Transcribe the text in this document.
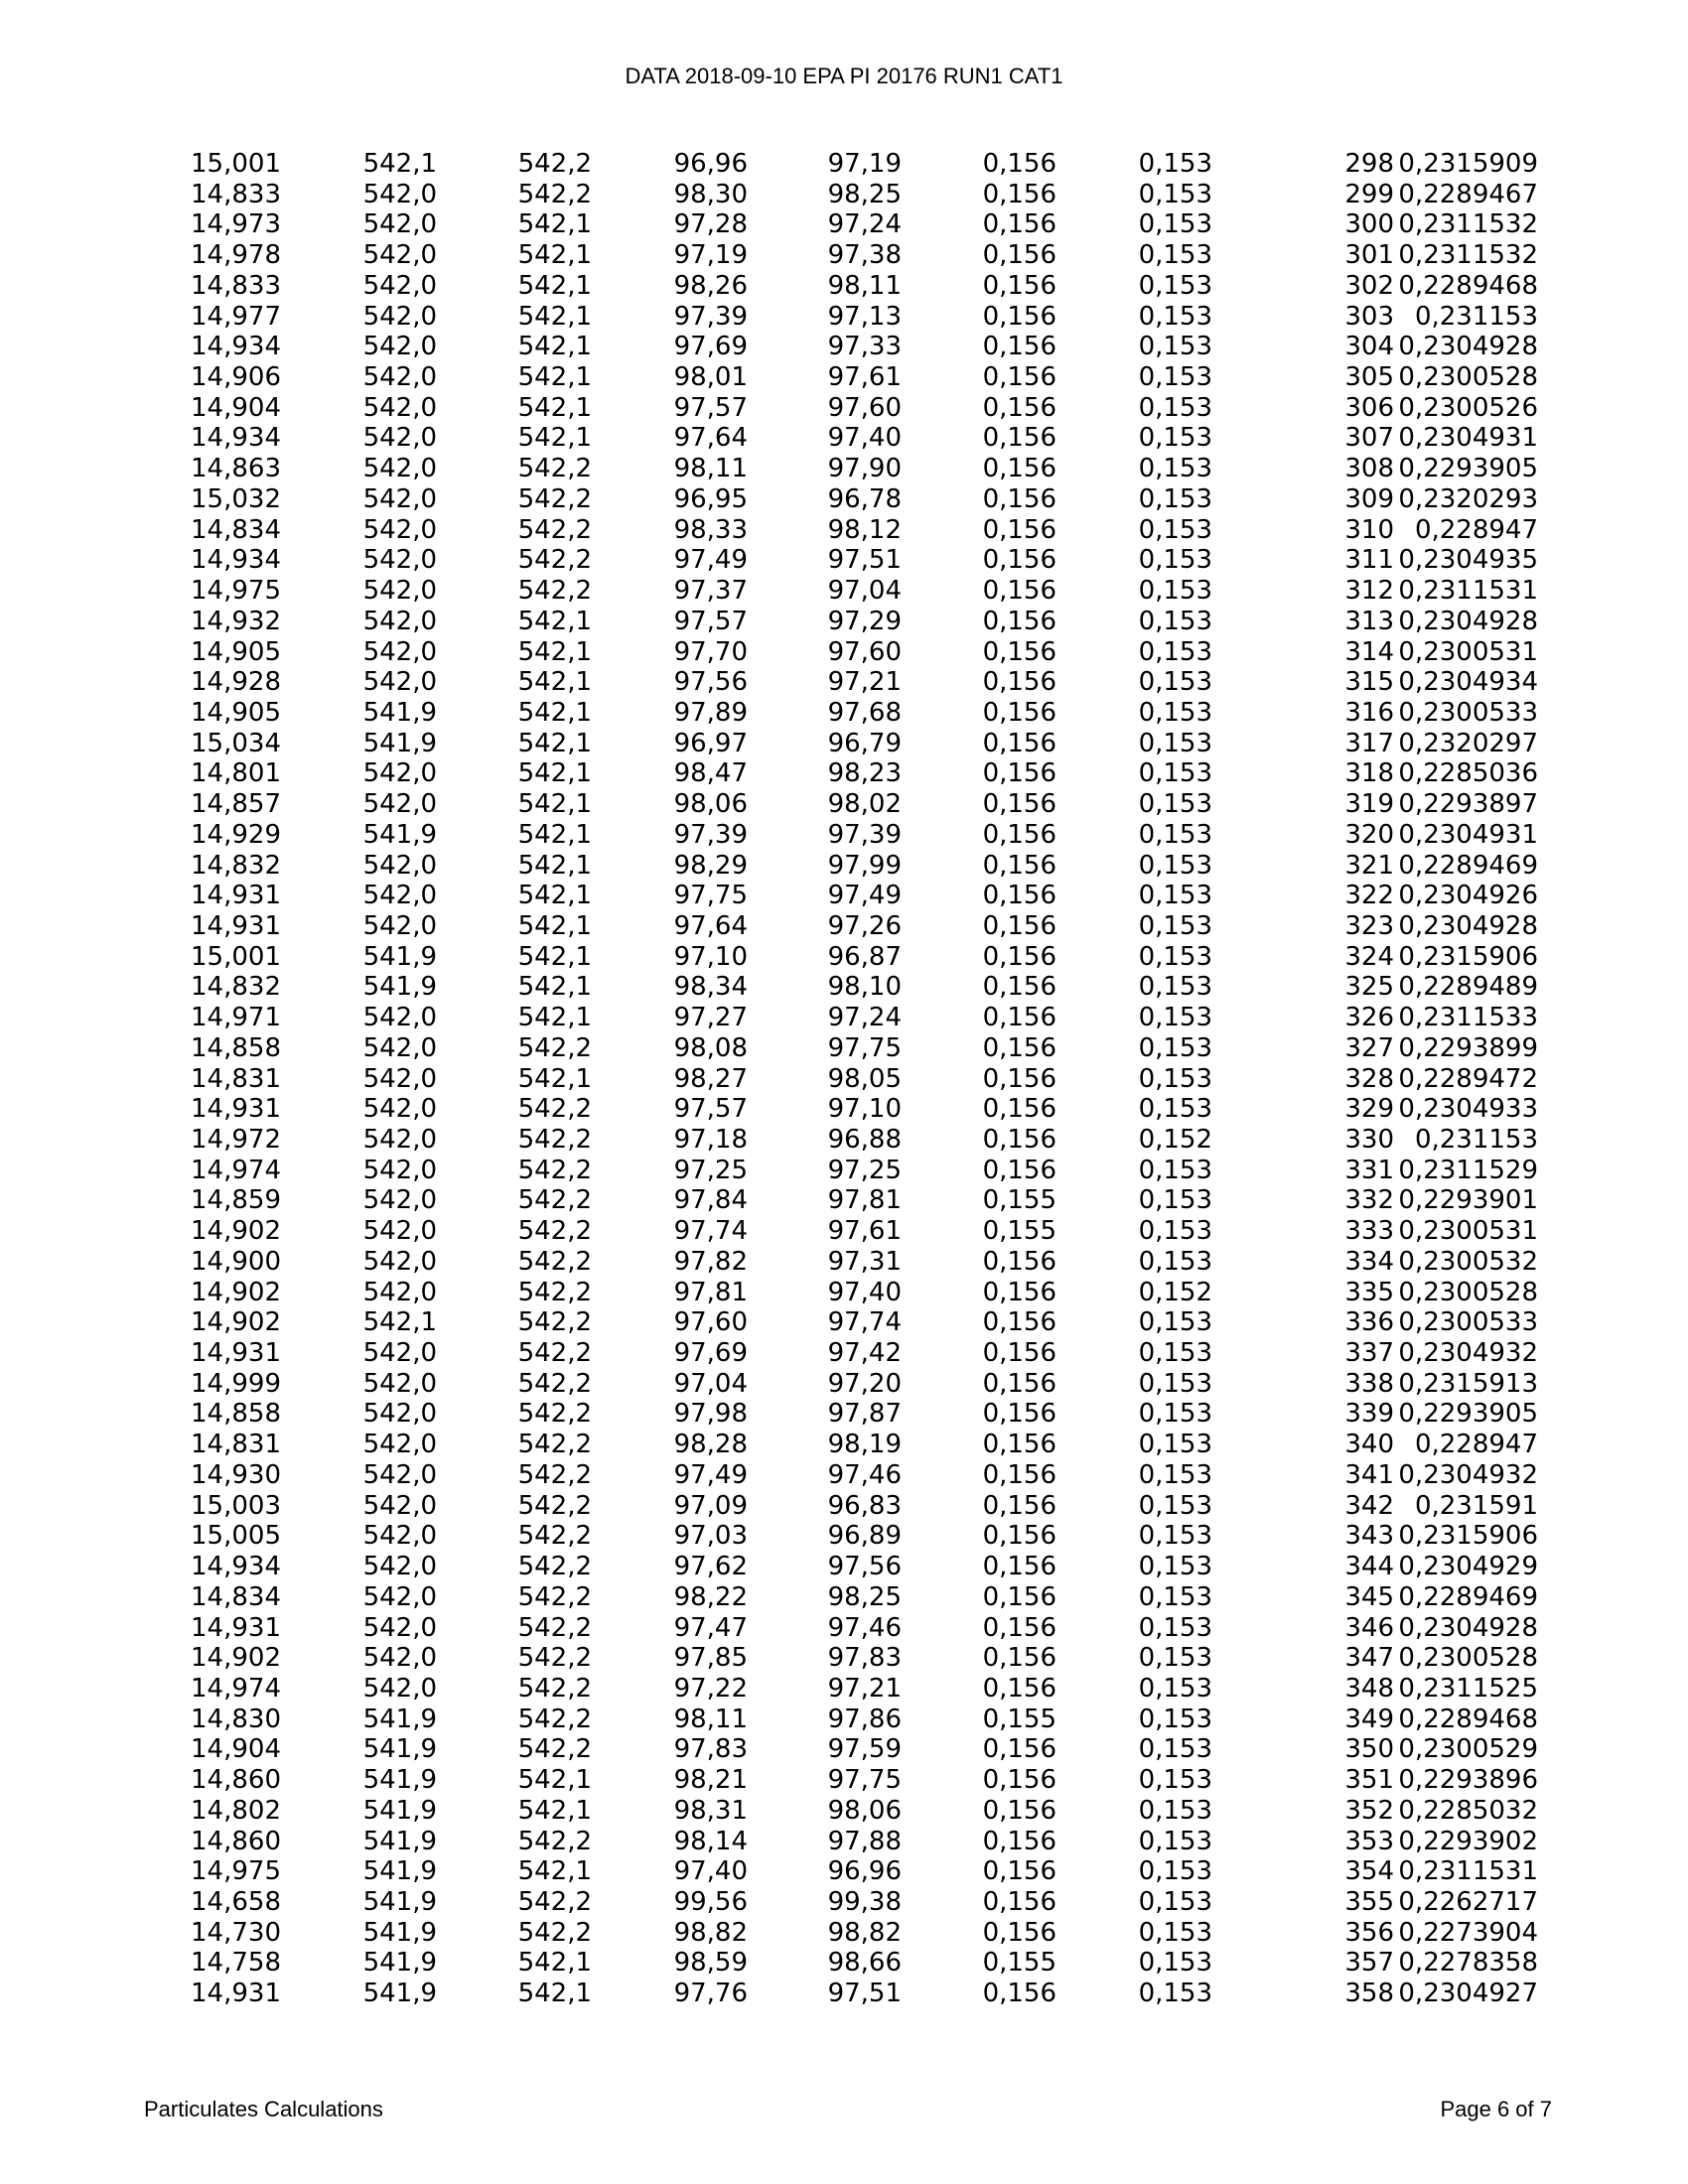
DATA 2018-09-10 EPA PI 20176 RUN1 CAT1
15,001	542,1	542,2	96,96	97,19	0,156	0,153	298	0,2315909
14,833	542,0	542,2	98,30	98,25	0,156	0,153	299	0,2289467
14,973	542,0	542,1	97,28	97,24	0,156	0,153	300	0,2311532
14,978	542,0	542,1	97,19	97,38	0,156	0,153	301	0,2311532
14,833	542,0	542,1	98,26	98,11	0,156	0,153	302	0,2289468
14,977	542,0	542,1	97,39	97,13	0,156	0,153	303	0,231153
14,934	542,0	542,1	97,69	97,33	0,156	0,153	304	0,2304928
14,906	542,0	542,1	98,01	97,61	0,156	0,153	305	0,2300528
14,904	542,0	542,1	97,57	97,60	0,156	0,153	306	0,2300526
14,934	542,0	542,1	97,64	97,40	0,156	0,153	307	0,2304931
14,863	542,0	542,2	98,11	97,90	0,156	0,153	308	0,2293905
15,032	542,0	542,2	96,95	96,78	0,156	0,153	309	0,2320293
14,834	542,0	542,2	98,33	98,12	0,156	0,153	310	0,228947
14,934	542,0	542,2	97,49	97,51	0,156	0,153	311	0,2304935
14,975	542,0	542,2	97,37	97,04	0,156	0,153	312	0,2311531
14,932	542,0	542,1	97,57	97,29	0,156	0,153	313	0,2304928
14,905	542,0	542,1	97,70	97,60	0,156	0,153	314	0,2300531
14,928	542,0	542,1	97,56	97,21	0,156	0,153	315	0,2304934
14,905	541,9	542,1	97,89	97,68	0,156	0,153	316	0,2300533
15,034	541,9	542,1	96,97	96,79	0,156	0,153	317	0,2320297
14,801	542,0	542,1	98,47	98,23	0,156	0,153	318	0,2285036
14,857	542,0	542,1	98,06	98,02	0,156	0,153	319	0,2293897
14,929	541,9	542,1	97,39	97,39	0,156	0,153	320	0,2304931
14,832	542,0	542,1	98,29	97,99	0,156	0,153	321	0,2289469
14,931	542,0	542,1	97,75	97,49	0,156	0,153	322	0,2304926
14,931	542,0	542,1	97,64	97,26	0,156	0,153	323	0,2304928
15,001	541,9	542,1	97,10	96,87	0,156	0,153	324	0,2315906
14,832	541,9	542,1	98,34	98,10	0,156	0,153	325	0,2289489
14,971	542,0	542,1	97,27	97,24	0,156	0,153	326	0,2311533
14,858	542,0	542,2	98,08	97,75	0,156	0,153	327	0,2293899
14,831	542,0	542,1	98,27	98,05	0,156	0,153	328	0,2289472
14,931	542,0	542,2	97,57	97,10	0,156	0,153	329	0,2304933
14,972	542,0	542,2	97,18	96,88	0,156	0,152	330	0,231153
14,974	542,0	542,2	97,25	97,25	0,156	0,153	331	0,2311529
14,859	542,0	542,2	97,84	97,81	0,155	0,153	332	0,2293901
14,902	542,0	542,2	97,74	97,61	0,155	0,153	333	0,2300531
14,900	542,0	542,2	97,82	97,31	0,156	0,153	334	0,2300532
14,902	542,0	542,2	97,81	97,40	0,156	0,152	335	0,2300528
14,902	542,1	542,2	97,60	97,74	0,156	0,153	336	0,2300533
14,931	542,0	542,2	97,69	97,42	0,156	0,153	337	0,2304932
14,999	542,0	542,2	97,04	97,20	0,156	0,153	338	0,2315913
14,858	542,0	542,2	97,98	97,87	0,156	0,153	339	0,2293905
14,831	542,0	542,2	98,28	98,19	0,156	0,153	340	0,228947
14,930	542,0	542,2	97,49	97,46	0,156	0,153	341	0,2304932
15,003	542,0	542,2	97,09	96,83	0,156	0,153	342	0,231591
15,005	542,0	542,2	97,03	96,89	0,156	0,153	343	0,2315906
14,934	542,0	542,2	97,62	97,56	0,156	0,153	344	0,2304929
14,834	542,0	542,2	98,22	98,25	0,156	0,153	345	0,2289469
14,931	542,0	542,2	97,47	97,46	0,156	0,153	346	0,2304928
14,902	542,0	542,2	97,85	97,83	0,156	0,153	347	0,2300528
14,974	542,0	542,2	97,22	97,21	0,156	0,153	348	0,2311525
14,830	541,9	542,2	98,11	97,86	0,155	0,153	349	0,2289468
14,904	541,9	542,2	97,83	97,59	0,156	0,153	350	0,2300529
14,860	541,9	542,1	98,21	97,75	0,156	0,153	351	0,2293896
14,802	541,9	542,1	98,31	98,06	0,156	0,153	352	0,2285032
14,860	541,9	542,2	98,14	97,88	0,156	0,153	353	0,2293902
14,975	541,9	542,1	97,40	96,96	0,156	0,153	354	0,2311531
14,658	541,9	542,2	99,56	99,38	0,156	0,153	355	0,2262717
14,730	541,9	542,2	98,82	98,82	0,156	0,153	356	0,2273904
14,758	541,9	542,1	98,59	98,66	0,155	0,153	357	0,2278358
14,931	541,9	542,1	97,76	97,51	0,156	0,153	358	0,2304927
Particulates Calculations	Page 6 of 7
